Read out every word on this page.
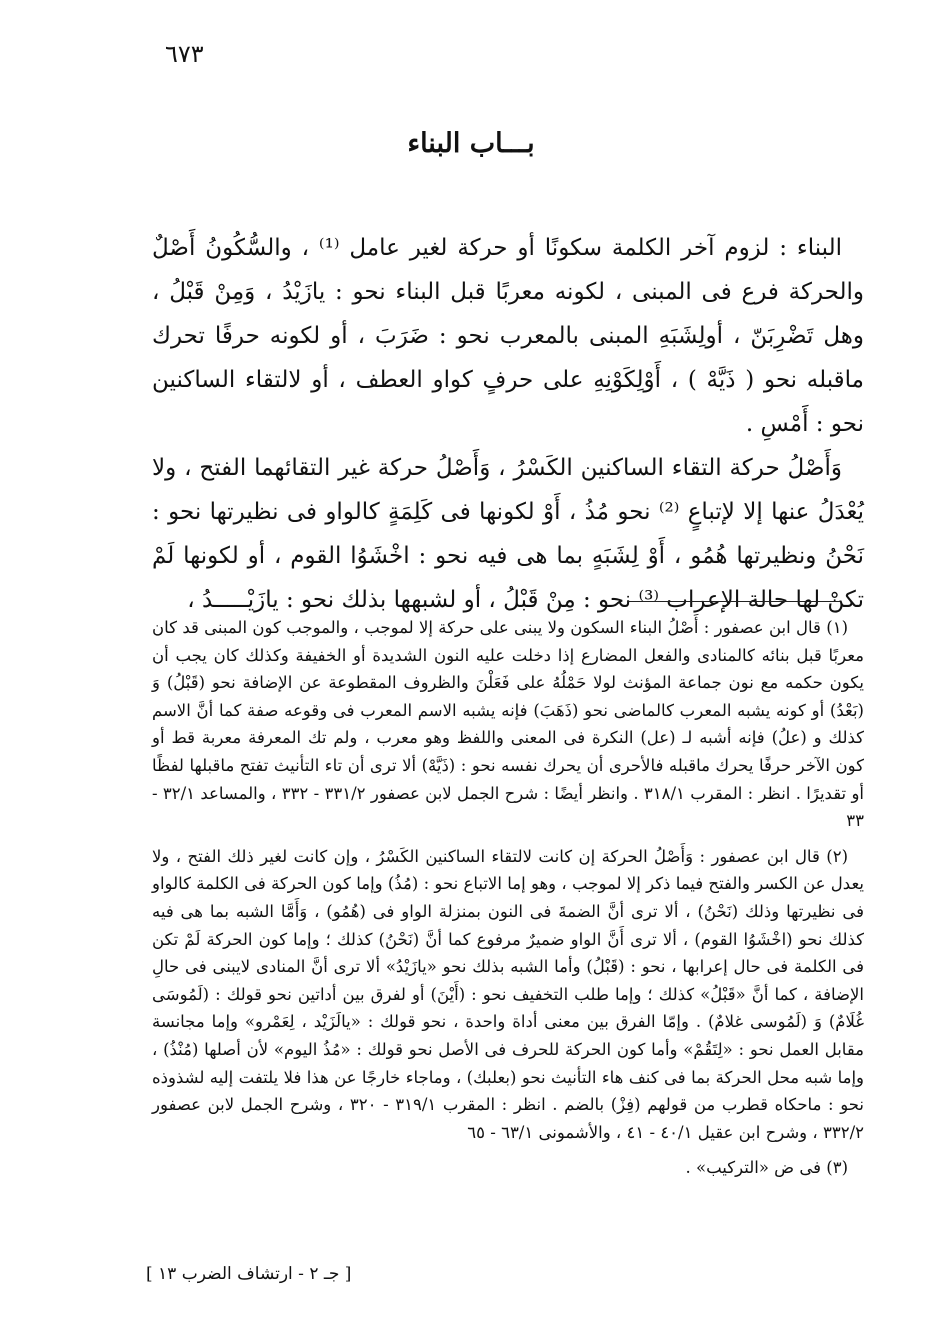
٦٧٣
بـــاب البناء

البناء : لزوم آخر الكلمة سكونًا أو حركة لغير عامل ⁽¹⁾ ، والسُّكُونُ أَصْلٌ والحركة فرع فى المبنى ، لكونه معربًا قبل البناء نحو : يازَيْدُ ، وَمِنْ قَبْلُ ، وهل تَضْرِبَنّ ، أولِشَبَهِ المبنى بالمعرب نحو : ضَرَبَ ، أو لكونه حرفًا تحرك ماقبله نحو ( ذَيَّهْ ) ، أَوْلِكَوْنِهِ على حرفٍ كواو العطف ، أو لالتقاء الساكنين نحو : أَمْسِ .

وَأَصْلُ حركة التقاء الساكنين الكَسْرُ ، وَأَصْلُ حركة غير التقائهما الفتح ، ولا يُعْدَلُ عنها إلا لإتباعٍ ⁽²⁾ نحو مُذُ ، أَوْ لكونها فى كَلِمَةٍ كالواو فى نظيرتها نحو : نَحْنُ ونظيرتها هُمُو ، أَوْ لِشَبَهٍ بما هى فيه نحو : اخْشَوُا القوم ، أو لكونها لَمْ تكنْ لها حالة الإعراب ⁽³⁾ نحو : مِنْ قَبْلُ ، أو لشبهها بذلك نحو : يازَيْـــــدُ ،

(١) قال ابن عصفور : أَصْلُ البناء السكون ولا يبنى على حركة إلا لموجب ، والموجب كون المبنى قد كان معربًا قبل بنائه كالمنادى والفعل المضارع إذا دخلت عليه النون الشديدة أو الخفيفة وكذلك كان يجب أن يكون حكمه مع نون جماعة المؤنث لولا حَمْلُهُ على فَعَلْنَ والظروف المقطوعة عن الإضافة نحو (قَبْلُ) وَ (بَعْدُ) أو كونه يشبه المعرب كالماضى نحو (ذَهَبَ) فإنه يشبه الاسم المعرب فى وقوعه صفة كما أنَّ الاسم كذلك و (علُ) فإنه أشبه لـ (عل) النكرة فى المعنى واللفظ وهو معرب ، ولم تك المعرفة معربة قط أو كون الآخر حرفًا يحرك ماقبله فالأحرى أن يحرك نفسه نحو : (ذَيَّهْ) ألا ترى أن تاء التأنيث تفتح ماقبلها لفظًا أو تقديرًا . انظر : المقرب ٣١٨/١ . وانظر أيضًا : شرح الجمل لابن عصفور ٣٣١/٢ - ٣٣٢ ، والمساعد ٣٢/١ - ٣٣

(٢) قال ابن عصفور : وَأَصْلُ الحركة إن كانت لالتقاء الساكنين الكَسْرُ ، وإن كانت لغير ذلك الفتح ، ولا يعدل عن الكسر والفتح فيما ذكر إلا لموجب ، وهو إما الاتباع نحو : (مُذُ) وإما كون الحركة فى الكلمة كالواو فى نظيرتها وذلك (نَحْنُ) ، ألا ترى أنَّ الضمةَ فى النون بمنزلة الواو فى (هُمُو) ، وَأَمَّا الشبه بما هى فيه كذلك نحو (اخْشَوُا القوم) ، ألا ترى أَنَّ الواو ضميرٌ مرفوع كما أنَّ (نَحْنُ) كذلك ؛ وإما كون الحركة لَمْ تكن فى الكلمة فى حال إعرابها ، نحو : (قَبْلُ) وأما الشبه بذلك نحو «يازَيْدُ» ألا ترى أنَّ المنادى لايبنى فى حالِ الإضافة ، كما أنَّ «قَبْلُ» كذلك ؛ وإما طلب التخفيف نحو : (أَيْنَ) أو لفرق بين أداتين نحو قولك : (لَمُوسَى غُلَامٌ) وَ (لَمُوسى غلامٌ) . وإمّا الفرق بين معنى أداة واحدة ، نحو قولك : «يالَزَيْد ، لِعَمْرو» وإما مجانسة مقابل العمل نحو : «لِتَقُمْ» وأما كون الحركة للحرف فى الأصل نحو قولك : «مُذُ اليوم» لأن أصلها (مُنْذُ) ، وإما شبه محل الحركة بما فى كنف هاء التأنيث نحو (بعلبك) ، وماجاء خارجًا عن هذا فلا يلتفت إليه لشذوذه نحو : ماحكاه قطرب من قولهم (فِزْ) بالضم . انظر : المقرب ٣١٩/١ - ٣٢٠ ، وشرح الجمل لابن عصفور ٣٣٢/٢ ، وشرح ابن عقيل ٤٠/١ - ٤١ ، والأشمونى ٦٣/١ - ٦٥

(٣) فى ض «التركيب» .

[ جـ ٢ - ارتشاف الضرب ١٣ ]
